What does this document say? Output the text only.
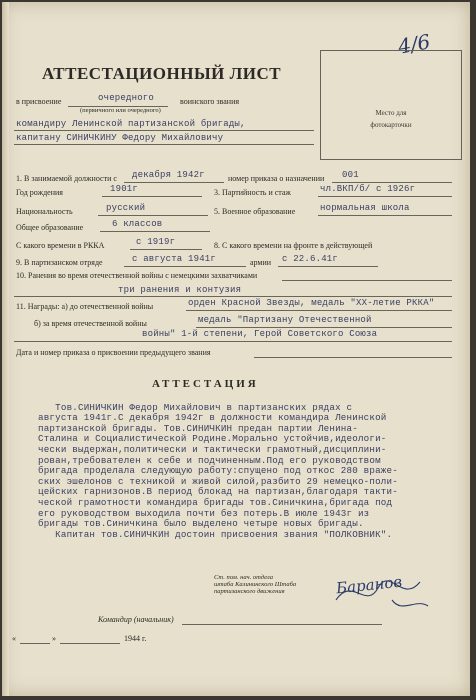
4/6
АТТЕСТАЦИОННЫЙ ЛИСТ
Место для
фотокарточки
в присвоение	очередного	воинского звания
(первичного или очередного)
командиру Ленинской партизанской бригады,
капитану СИНИЧКИНУ Федору Михайловичу
1. В занимаемой должности с декабря 1942г	номер приказа о назначении 001
Год рождения	1901г	3. Партийность и стаж	чл.ВКП/б/ с 1926г
Национальность	русский	5. Военное образование	нормальная школа
Общее образование	6 классов
С какого времени в РККА	с 1919г	8. С какого времени на фронте в действующей
9. В партизанском отряде	с августа 1941г	армии с 22.6.41г
10. Ранения во время отечественной войны с немецкими захватчиками
три ранения и контузия
11. Награды: а) до отечественной войны	орден Красной Звезды, медаль "XX-летие РККА"
б) за время отечественной войны	медаль "Партизану Отечественной
войны" 1-й степени, Герой Советского Союза
Дата и номер приказа о присвоении предыдущего звания
АТТЕСТАЦИЯ

Тов.СИНИЧКИН Федор Михайлович в партизанских рядах с
августа 1941г.С декабря 1942г в должности командира Ленинской
партизанской бригады. Тов.СИНИЧКИН предан партии Ленина-
Сталина и Социалистической Родине.Морально устойчив,идеологи-
чески выдержан,политически и тактически грамотный,дисциплини-
рован,требователен к себе и подчиненным.Под его руководством
бригада проделала следующую работу:спущено под откос 280 враже-
ских эшелонов с техникой и живой силой,разбито 29 немецко-поли-
цейских гарнизонов.В период блокад на партизан,благодаря такти-
ческой грамотности командира бригады тов.Синичкина,бригада под
его руководством выходила почти без потерь.В июле 1943г из
бригады тов.Синичкина было выделено четыре новых бригады.
Капитан тов.СИНИЧКИН достоин присвоения звания "ПОЛКОВНИК".

Ст. пом. нач. отдела
штаба Калининского Штаба
партизанского движения	Баранов
Командир (начальник)
«	»	1944 г.
